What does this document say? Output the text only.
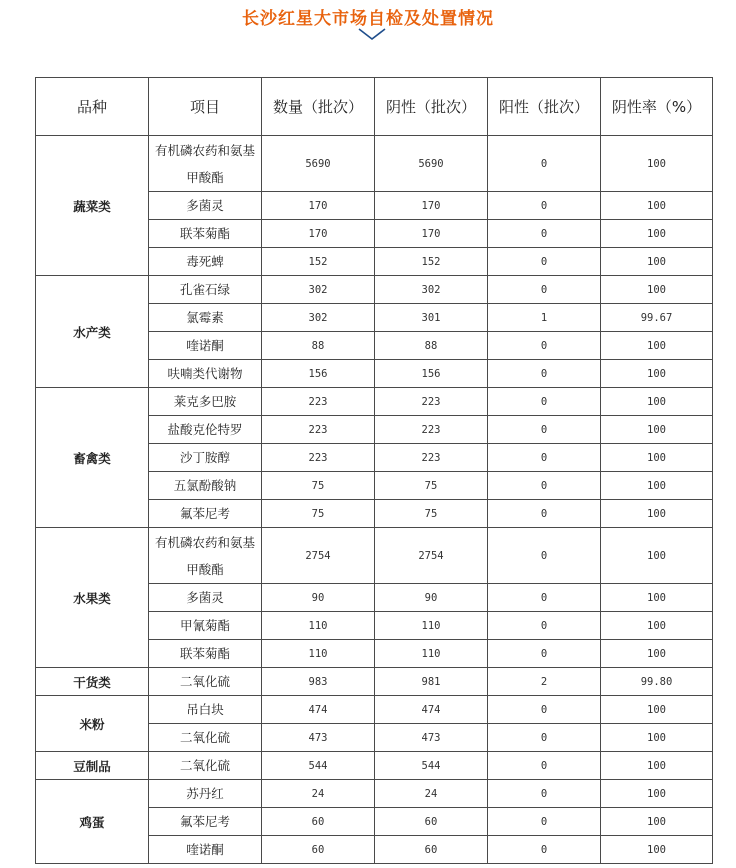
长沙红星大市场自检及处置情况
品种	项目	数量（批次）	阴性（批次）	阳性（批次）	阴性率（%）
蔬菜类	有机磷农药和氨基甲酸酯	5690	5690	0	100
	多菌灵	170	170	0	100
	联苯菊酯	170	170	0	100
	毒死蜱	152	152	0	100
水产类	孔雀石绿	302	302	0	100
	氯霉素	302	301	1	99.67
	喹诺酮	88	88	0	100
	呋喃类代谢物	156	156	0	100
畜禽类	莱克多巴胺	223	223	0	100
	盐酸克伦特罗	223	223	0	100
	沙丁胺醇	223	223	0	100
	五氯酚酸钠	75	75	0	100
	氟苯尼考	75	75	0	100
水果类	有机磷农药和氨基甲酸酯	2754	2754	0	100
	多菌灵	90	90	0	100
	甲氰菊酯	110	110	0	100
	联苯菊酯	110	110	0	100
干货类	二氧化硫	983	981	2	99.80
米粉	吊白块	474	474	0	100
	二氧化硫	473	473	0	100
豆制品	二氧化硫	544	544	0	100
鸡蛋	苏丹红	24	24	0	100
	氟苯尼考	60	60	0	100
	喹诺酮	60	60	0	100
